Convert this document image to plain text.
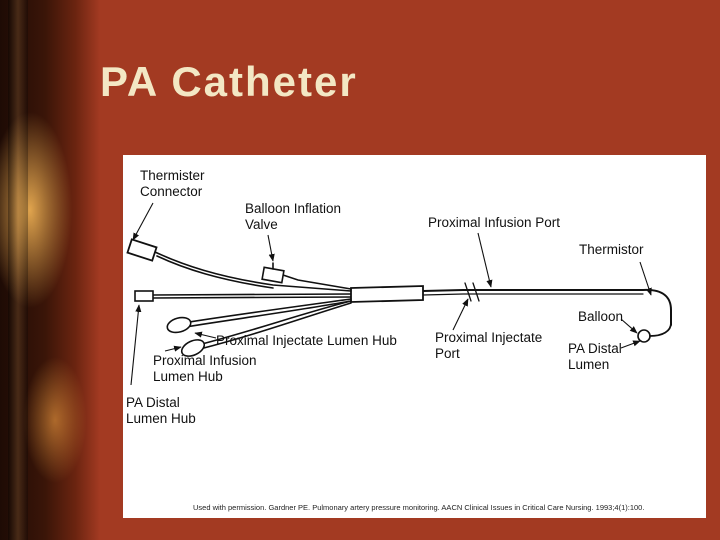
PA Catheter
Thermister
Connector
Balloon Inflation
Valve	Proximal Infusion Port
Thermistor
Balloon
PA Distal
Lumen
Proximal Injectate Lumen Hub	Proximal Injectate
Port
Proximal Infusion
Lumen Hub
PA Distal
Lumen Hub
Used with permission. Gardner PE. Pulmonary artery pressure monitoring. AACN Clinical Issues in Critical Care Nursing. 1993;4(1):100.
